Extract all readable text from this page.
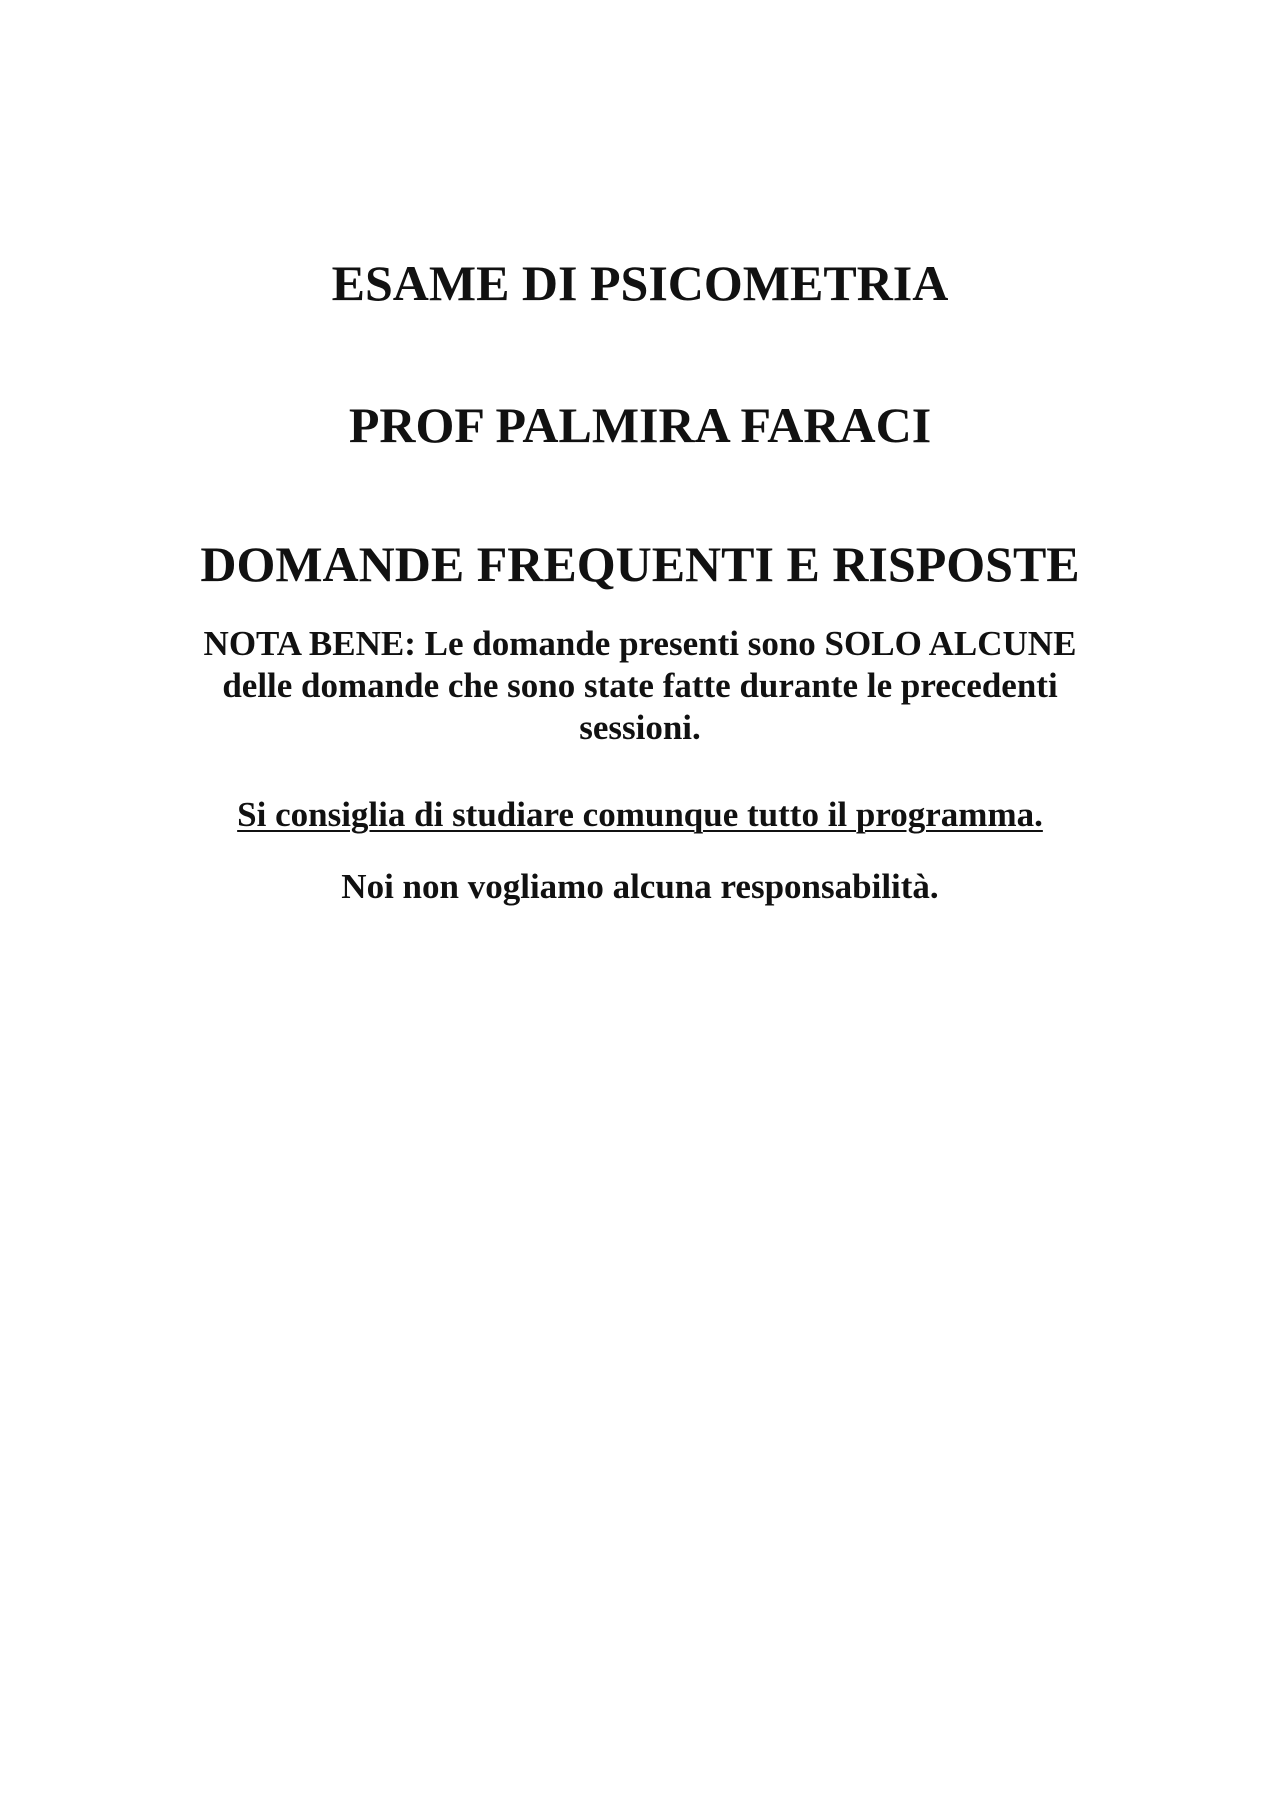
ESAME DI PSICOMETRIA
PROF PALMIRA FARACI
DOMANDE FREQUENTI E RISPOSTE

NOTA BENE: Le domande presenti sono SOLO ALCUNE
delle domande che sono state fatte durante le precedenti
sessioni.

Si consiglia di studiare comunque tutto il programma.

Noi non vogliamo alcuna responsabilità.
